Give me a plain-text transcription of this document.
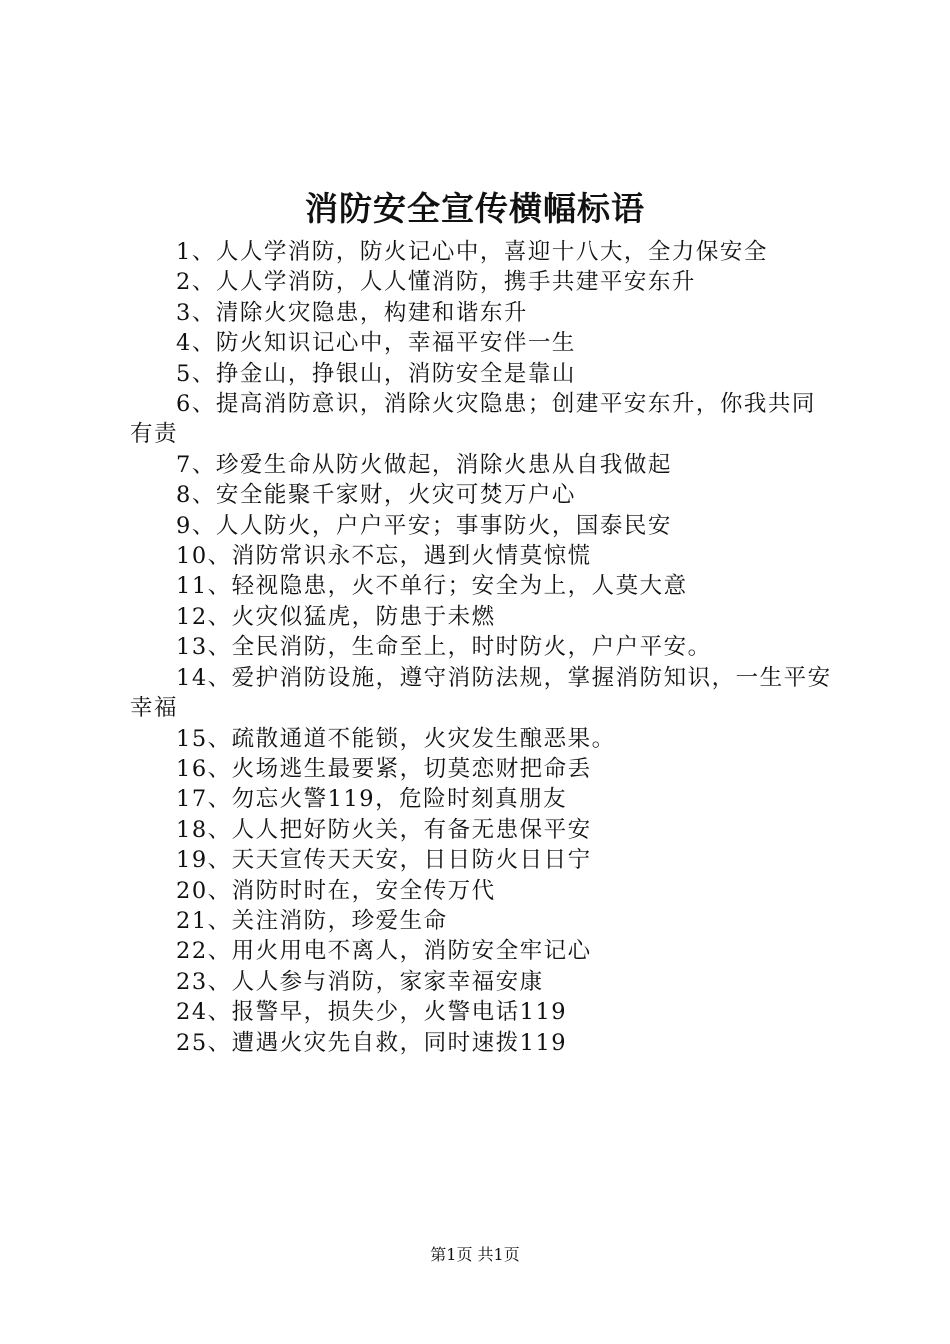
消防安全宣传横幅标语
1、人人学消防，防火记心中，喜迎十八大，全力保安全
2、人人学消防，人人懂消防，携手共建平安东升
3、清除火灾隐患，构建和谐东升
4、防火知识记心中，幸福平安伴一生
5、挣金山，挣银山，消防安全是靠山
6、提高消防意识，消除火灾隐患；创建平安东升，你我共同有责
7、珍爱生命从防火做起，消除火患从自我做起
8、安全能聚千家财，火灾可焚万户心
9、人人防火，户户平安；事事防火，国泰民安
10、消防常识永不忘，遇到火情莫惊慌
11、轻视隐患，火不单行；安全为上，人莫大意
12、火灾似猛虎，防患于未燃
13、全民消防，生命至上，时时防火，户户平安。
14、爱护消防设施，遵守消防法规，掌握消防知识，一生平安幸福
15、疏散通道不能锁，火灾发生酿恶果。
16、火场逃生最要紧，切莫恋财把命丢
17、勿忘火警119，危险时刻真朋友
18、人人把好防火关，有备无患保平安
19、天天宣传天天安，日日防火日日宁
20、消防时时在，安全传万代
21、关注消防，珍爱生命
22、用火用电不离人，消防安全牢记心
23、人人参与消防，家家幸福安康
24、报警早，损失少，火警电话119
25、遭遇火灾先自救，同时速拨119
第1页 共1页
